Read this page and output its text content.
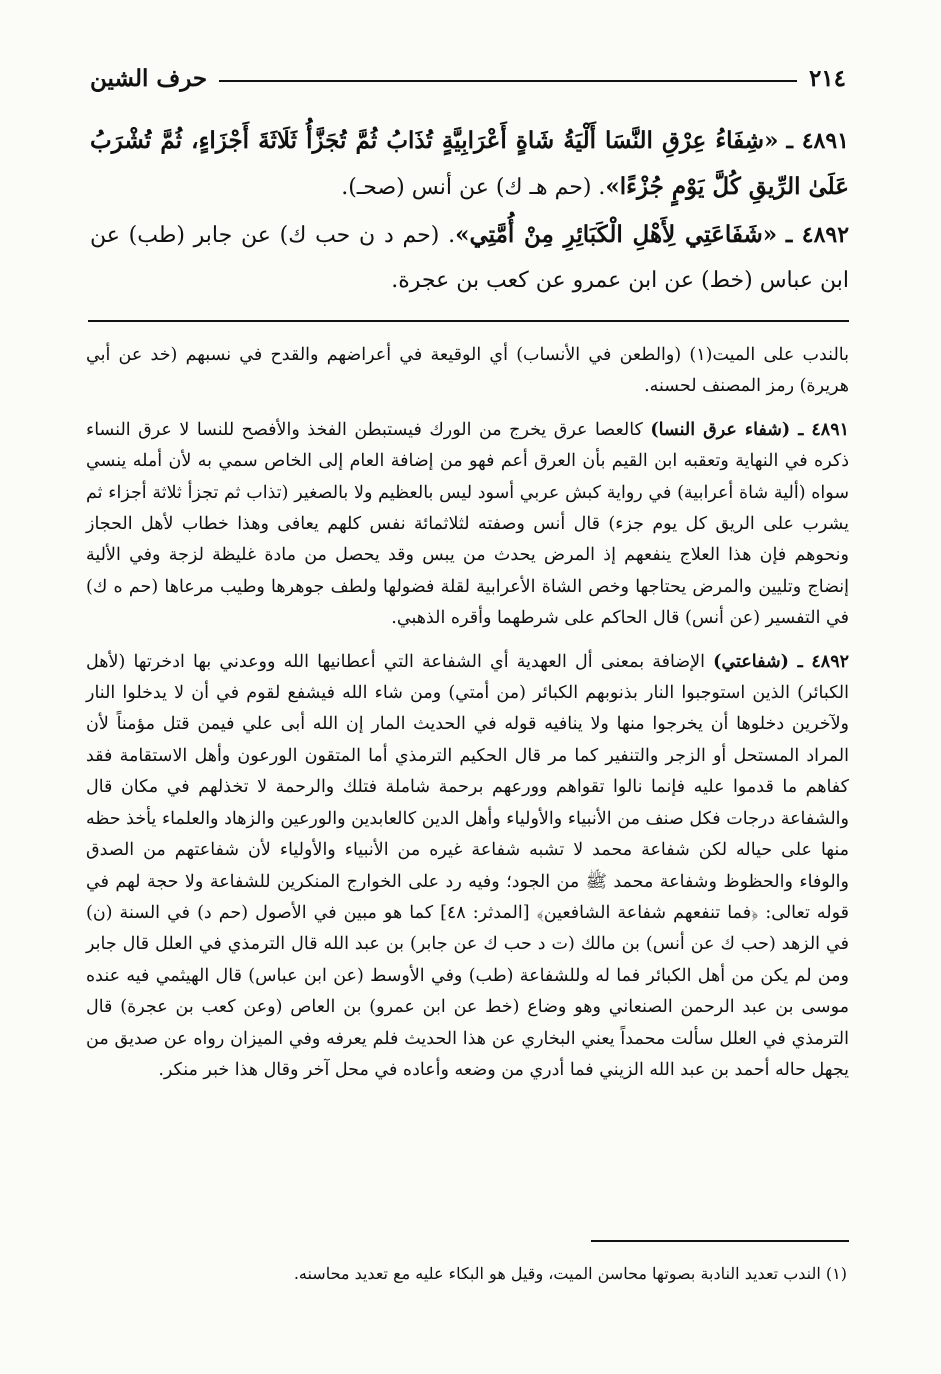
٢١٤
حرف الشين
٤٨٩١ ـ «شِفَاءُ عِرْقِ النَّسَا أَلْيَةُ شَاةٍ أَعْرَابِيَّةٍ تُذَابُ ثُمَّ تُجَزَّأُ ثَلَاثَةَ أَجْزَاءٍ، ثُمَّ تُشْرَبُ عَلَىٰ الرِّيقِ كُلَّ يَوْمٍ جُزْءًا». (حم هـ ك) عن أنس (صحـ).
٤٨٩٢ ـ «شَفَاعَتِي لِأَهْلِ الْكَبَائِرِ مِنْ أُمَّتِي». (حم د ن حب ك) عن جابر (طب) عن ابن عباس (خط) عن ابن عمرو عن كعب بن عجرة.

بالندب على الميت(١) (والطعن في الأنساب) أي الوقيعة في أعراضهم والقدح في نسبهم (خد عن أبي هريرة) رمز المصنف لحسنه.

٤٨٩١ ـ (شفاء عرق النسا) كالعصا عرق يخرج من الورك فيستبطن الفخذ والأفصح للنسا لا عرق النساء ذكره في النهاية وتعقبه ابن القيم بأن العرق أعم فهو من إضافة العام إلى الخاص سمي به لأن أمله ينسي سواه (ألية شاة أعرابية) في رواية كبش عربي أسود ليس بالعظيم ولا بالصغير (تذاب ثم تجزأ ثلاثة أجزاء ثم يشرب على الريق كل يوم جزء) قال أنس وصفته لثلاثمائة نفس كلهم يعافى وهذا خطاب لأهل الحجاز ونحوهم فإن هذا العلاج ينفعهم إذ المرض يحدث من يبس وقد يحصل من مادة غليظة لزجة وفي الألية إنضاج وتليين والمرض يحتاجها وخص الشاة الأعرابية لقلة فضولها ولطف جوهرها وطيب مرعاها (حم ه ك) في التفسير (عن أنس) قال الحاكم على شرطهما وأقره الذهبي.

٤٨٩٢ ـ (شفاعتي) الإضافة بمعنى أل العهدية أي الشفاعة التي أعطانيها الله ووعدني بها ادخرتها (لأهل الكبائر) الذين استوجبوا النار بذنوبهم الكبائر (من أمتي) ومن شاء الله فيشفع لقوم في أن لا يدخلوا النار ولآخرين دخلوها أن يخرجوا منها ولا ينافيه قوله في الحديث المار إن الله أبى علي فيمن قتل مؤمناً لأن المراد المستحل أو الزجر والتنفير كما مر قال الحكيم الترمذي أما المتقون الورعون وأهل الاستقامة فقد كفاهم ما قدموا عليه فإنما نالوا تقواهم وورعهم برحمة شاملة فتلك والرحمة لا تخذلهم في مكان قال والشفاعة درجات فكل صنف من الأنبياء والأولياء وأهل الدين كالعابدين والورعين والزهاد والعلماء يأخذ حظه منها على حياله لكن شفاعة محمد لا تشبه شفاعة غيره من الأنبياء والأولياء لأن شفاعتهم من الصدق والوفاء والحظوظ وشفاعة محمد ﷺ من الجود؛ وفيه رد على الخوارج المنكرين للشفاعة ولا حجة لهم في قوله تعالى: ﴿فما تنفعهم شفاعة الشافعين﴾ [المدثر: ٤٨] كما هو مبين في الأصول (حم د) في السنة (ن) في الزهد (حب ك عن أنس) بن مالك (ت د حب ك عن جابر) بن عبد الله قال الترمذي في العلل قال جابر ومن لم يكن من أهل الكبائر فما له وللشفاعة (طب) وفي الأوسط (عن ابن عباس) قال الهيثمي فيه عنده موسى بن عبد الرحمن الصنعاني وهو وضاع (خط عن ابن عمرو) بن العاص (وعن كعب بن عجرة) قال الترمذي في العلل سألت محمداً يعني البخاري عن هذا الحديث فلم يعرفه وفي الميزان رواه عن صديق من يجهل حاله أحمد بن عبد الله الزيني فما أدري من وضعه وأعاده في محل آخر وقال هذا خبر منكر.

(١) الندب تعديد النادبة بصوتها محاسن الميت، وقيل هو البكاء عليه مع تعديد محاسنه.
